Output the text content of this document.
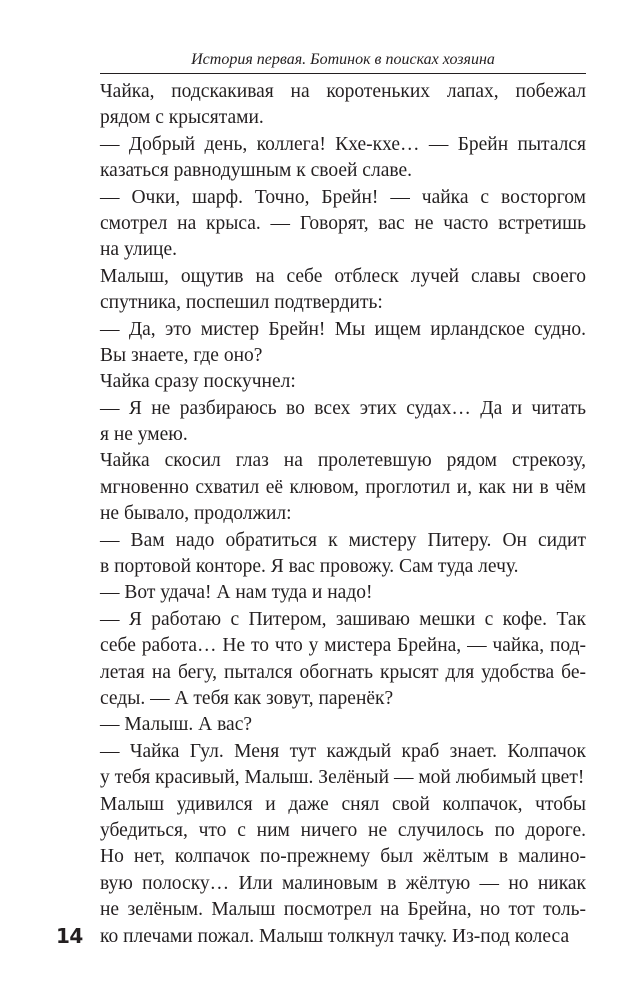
История первая. Ботинок в поисках хозяина
Чайка, подскакивая на коротеньких лапах, побежал
рядом с крысятами.
— Добрый день, коллега! Кхе-кхе… — Брейн пытался
казаться равнодушным к своей славе.
— Очки, шарф. Точно, Брейн! — чайка с восторгом
смотрел на крыса. — Говорят, вас не часто встретишь
на улице.
Малыш, ощутив на себе отблеск лучей славы своего
спутника, поспешил подтвердить:
— Да, это мистер Брейн! Мы ищем ирландское судно.
Вы знаете, где оно?
Чайка сразу поскучнел:
— Я не разбираюсь во всех этих судах… Да и читать
я не умею.
Чайка скосил глаз на пролетевшую рядом стрекозу,
мгновенно схватил её клювом, проглотил и, как ни в чём
не бывало, продолжил:
— Вам надо обратиться к мистеру Питеру. Он сидит
в портовой конторе. Я вас провожу. Сам туда лечу.
— Вот удача! А нам туда и надо!
— Я работаю с Питером, зашиваю мешки с кофе. Так
себе работа… Не то что у мистера Брейна, — чайка, под-
летая на бегу, пытался обогнать крысят для удобства бе-
седы. — А тебя как зовут, паренёк?
— Малыш. А вас?
— Чайка Гул. Меня тут каждый краб знает. Колпачок
у тебя красивый, Малыш. Зелёный — мой любимый цвет!
Малыш удивился и даже снял свой колпачок, чтобы
убедиться, что с ним ничего не случилось по дороге.
Но нет, колпачок по-прежнему был жёлтым в малино-
вую полоску… Или малиновым в жёлтую — но никак
не зелёным. Малыш посмотрел на Брейна, но тот толь-
ко плечами пожал. Малыш толкнул тачку. Из-под колеса
14
